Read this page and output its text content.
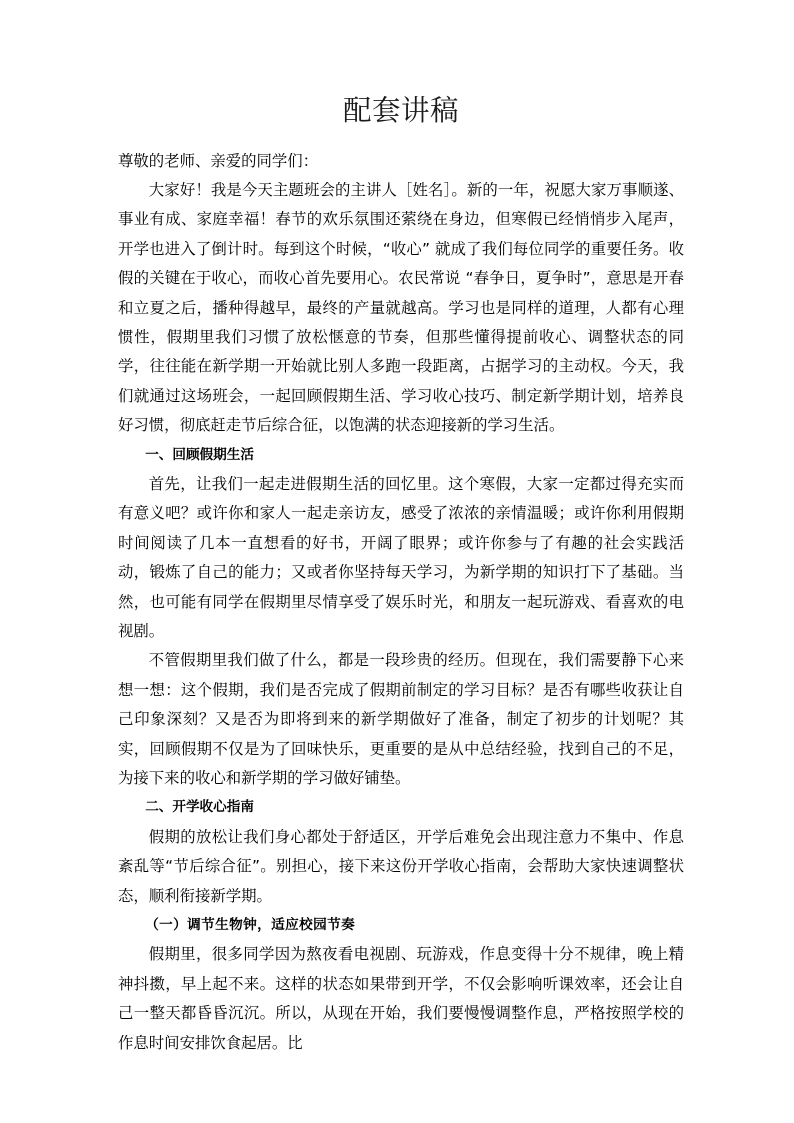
配套讲稿

尊敬的老师、亲爱的同学们：

大家好！我是今天主题班会的主讲人［姓名］。新的一年，祝愿大家万事顺遂、事业有成、家庭幸福！春节的欢乐氛围还萦绕在身边，但寒假已经悄悄步入尾声，开学也进入了倒计时。每到这个时候，“收心” 就成了我们每位同学的重要任务。收假的关键在于收心，而收心首先要用心。农民常说 “春争日，夏争时”，意思是开春和立夏之后，播种得越早，最终的产量就越高。学习也是同样的道理，人都有心理惯性，假期里我们习惯了放松惬意的节奏，但那些懂得提前收心、调整状态的同学，往往能在新学期一开始就比别人多跑一段距离，占据学习的主动权。今天，我们就通过这场班会，一起回顾假期生活、学习收心技巧、制定新学期计划，培养良好习惯，彻底赶走节后综合征，以饱满的状态迎接新的学习生活。

一、回顾假期生活

首先，让我们一起走进假期生活的回忆里。这个寒假，大家一定都过得充实而有意义吧？或许你和家人一起走亲访友，感受了浓浓的亲情温暖；或许你利用假期时间阅读了几本一直想看的好书，开阔了眼界；或许你参与了有趣的社会实践活动，锻炼了自己的能力；又或者你坚持每天学习，为新学期的知识打下了基础。当然，也可能有同学在假期里尽情享受了娱乐时光，和朋友一起玩游戏、看喜欢的电视剧。

不管假期里我们做了什么，都是一段珍贵的经历。但现在，我们需要静下心来想一想：这个假期，我们是否完成了假期前制定的学习目标？是否有哪些收获让自己印象深刻？又是否为即将到来的新学期做好了准备，制定了初步的计划呢？其实，回顾假期不仅是为了回味快乐，更重要的是从中总结经验，找到自己的不足，为接下来的收心和新学期的学习做好铺垫。

二、开学收心指南

假期的放松让我们身心都处于舒适区，开学后难免会出现注意力不集中、作息紊乱等“节后综合征”。别担心，接下来这份开学收心指南，会帮助大家快速调整状态，顺利衔接新学期。

（一）调节生物钟，适应校园节奏

假期里，很多同学因为熬夜看电视剧、玩游戏，作息变得十分不规律，晚上精神抖擞，早上起不来。这样的状态如果带到开学，不仅会影响听课效率，还会让自己一整天都昏昏沉沉。所以，从现在开始，我们要慢慢调整作息，严格按照学校的作息时间安排饮食起居。比
